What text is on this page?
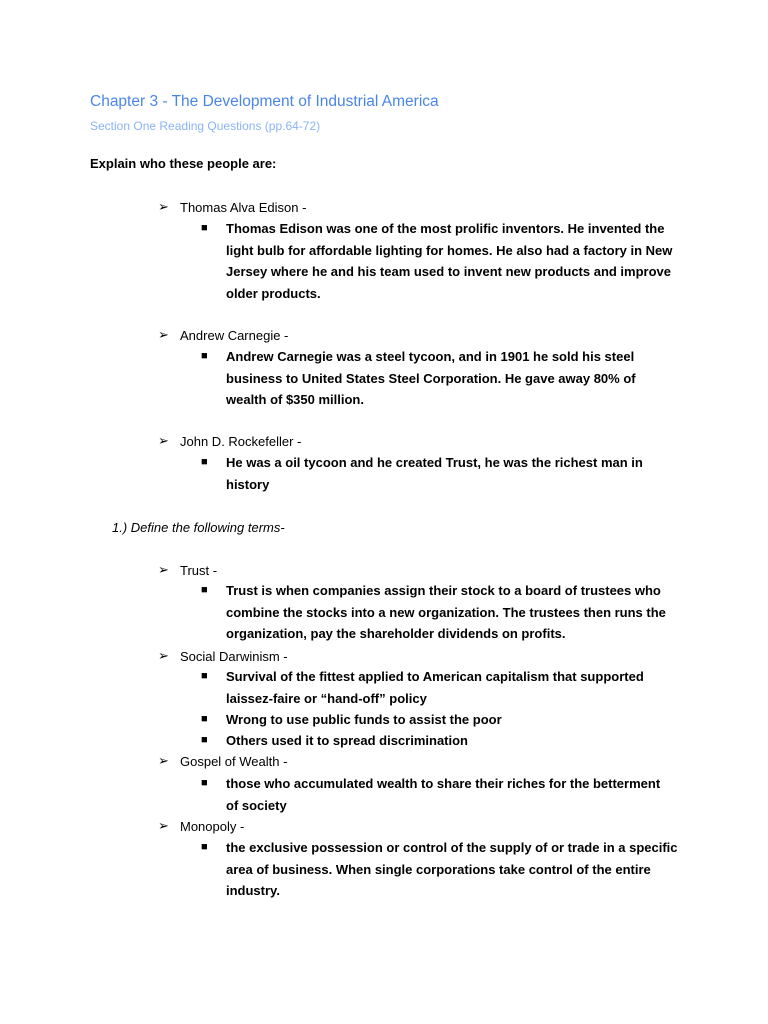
Chapter 3 - The Development of Industrial America
Section One Reading Questions (pp.64-72)
Explain who these people are:
➢ Thomas Alva Edison -
■	Thomas Edison was one of the most prolific inventors. He invented the
light bulb for affordable lighting for homes. He also had a factory in New
Jersey where he and his team used to invent new products and improve
older products.
➢ Andrew Carnegie -
■	Andrew Carnegie was a steel tycoon, and in 1901 he sold his steel
business to United States Steel Corporation. He gave away 80% of
wealth of $350 million.
➢ John D. Rockefeller -
■	He was a oil tycoon and he created Trust, he was the richest man in
history
1.) Define the following terms-
➢ Trust -
■	Trust is when companies assign their stock to a board of trustees who
combine the stocks into a new organization. The trustees then runs the
organization, pay the shareholder dividends on profits.
➢ Social Darwinism -
■	Survival of the fittest applied to American capitalism that supported
laissez-faire or “hand-off” policy
■	Wrong to use public funds to assist the poor
■	Others used it to spread discrimination
➢ Gospel of Wealth -
■	those who accumulated wealth to share their riches for the betterment
of society
➢ Monopoly -
■	the exclusive possession or control of the supply of or trade in a specific
area of business. When single corporations take control of the entire
industry.
